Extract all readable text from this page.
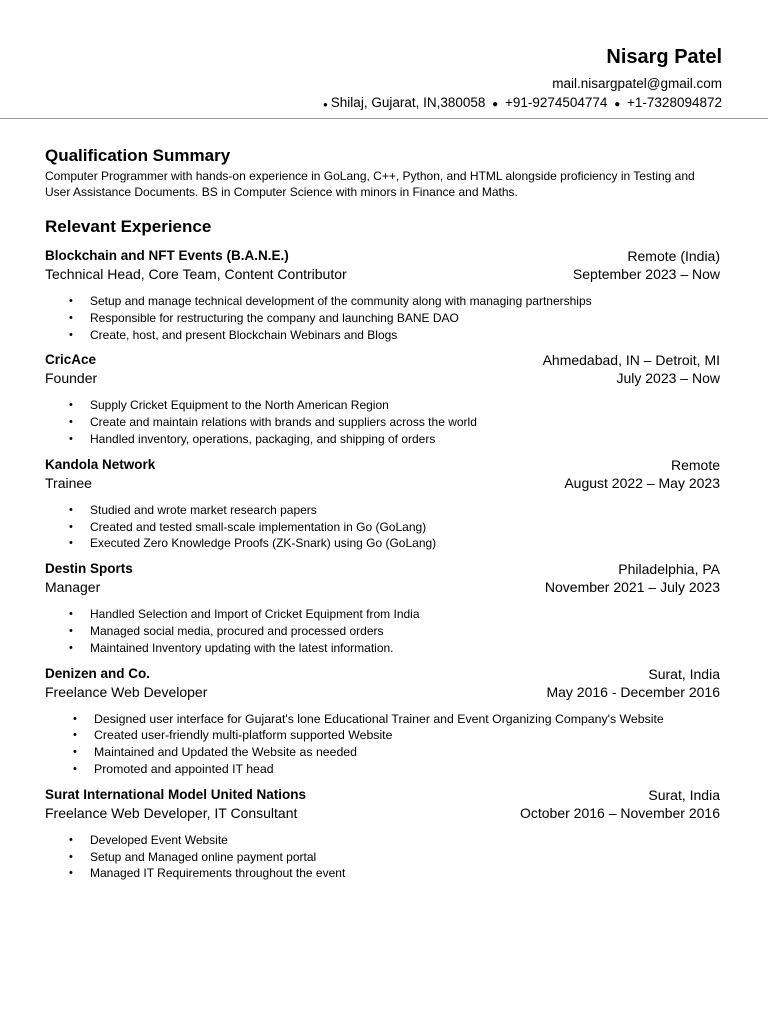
Nisarg Patel
mail.nisargpatel@gmail.com
● Shilaj, Gujarat, IN,380058 ● +91-9274504774 ● +1-7328094872
Qualification Summary
Computer Programmer with hands-on experience in GoLang, C++, Python, and HTML alongside proficiency in Testing and User Assistance Documents. BS in Computer Science with minors in Finance and Maths.
Relevant Experience
Blockchain and NFT Events (B.A.N.E.)	Remote (India)
Technical Head, Core Team, Content Contributor	September 2023 – Now
• Setup and manage technical development of the community along with managing partnerships
• Responsible for restructuring the company and launching BANE DAO
• Create, host, and present Blockchain Webinars and Blogs
CricAce	Ahmedabad, IN – Detroit, MI
Founder	July 2023 – Now
• Supply Cricket Equipment to the North American Region
• Create and maintain relations with brands and suppliers across the world
• Handled inventory, operations, packaging, and shipping of orders
Kandola Network	Remote
Trainee	August 2022 – May 2023
• Studied and wrote market research papers
• Created and tested small-scale implementation in Go (GoLang)
• Executed Zero Knowledge Proofs (ZK-Snark) using Go (GoLang)
Destin Sports	Philadelphia, PA
Manager	November 2021 – July 2023
• Handled Selection and Import of Cricket Equipment from India
• Managed social media, procured and processed orders
• Maintained Inventory updating with the latest information.
Denizen and Co.	Surat, India
Freelance Web Developer	May 2016 - December 2016
• Designed user interface for Gujarat's lone Educational Trainer and Event Organizing Company's Website
• Created user-friendly multi-platform supported Website
• Maintained and Updated the Website as needed
• Promoted and appointed IT head
Surat International Model United Nations	Surat, India
Freelance Web Developer, IT Consultant	October 2016 – November 2016
• Developed Event Website
• Setup and Managed online payment portal
• Managed IT Requirements throughout the event
